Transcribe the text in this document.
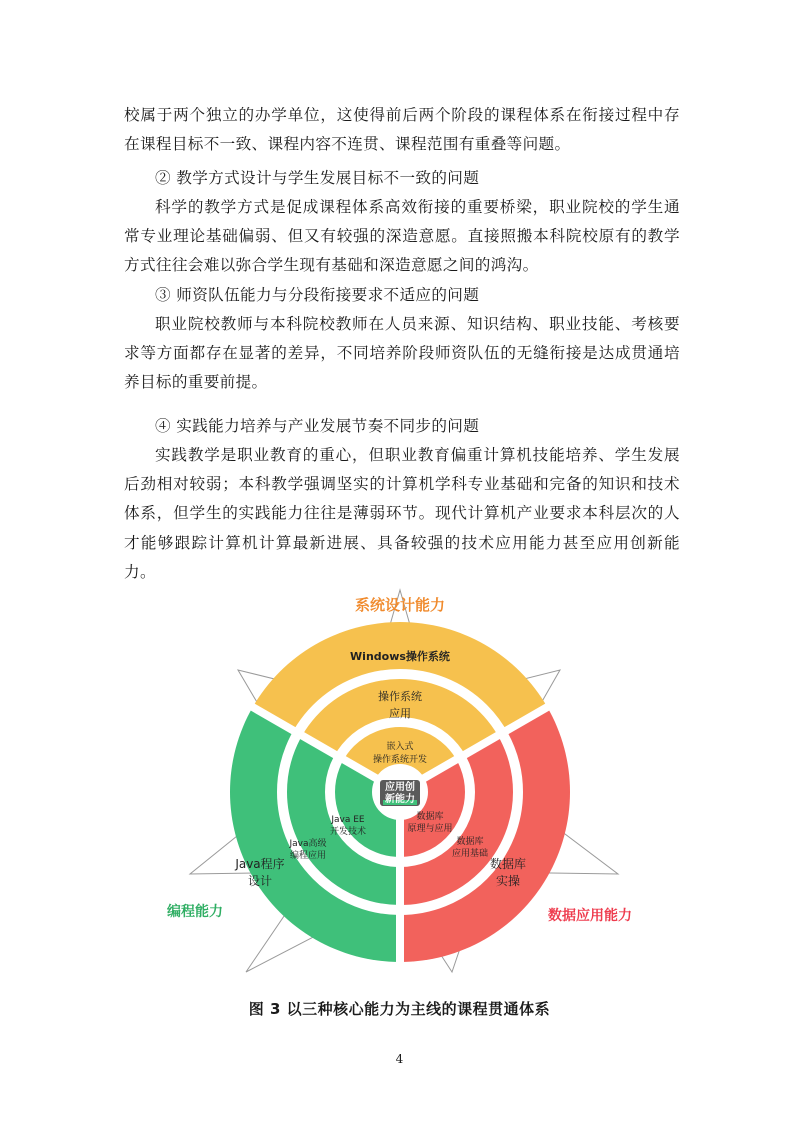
校属于两个独立的办学单位，这使得前后两个阶段的课程体系在衔接过程中存在课程目标不一致、课程内容不连贯、课程范围有重叠等问题。

② 教学方式设计与学生发展目标不一致的问题

科学的教学方式是促成课程体系高效衔接的重要桥梁，职业院校的学生通常专业理论基础偏弱、但又有较强的深造意愿。直接照搬本科院校原有的教学方式往往会难以弥合学生现有基础和深造意愿之间的鸿沟。

③ 师资队伍能力与分段衔接要求不适应的问题

职业院校教师与本科院校教师在人员来源、知识结构、职业技能、考核要求等方面都存在显著的差异，不同培养阶段师资队伍的无缝衔接是达成贯通培养目标的重要前提。

④ 实践能力培养与产业发展节奏不同步的问题

实践教学是职业教育的重心，但职业教育偏重计算机技能培养、学生发展后劲相对较弱；本科教学强调坚实的计算机学科专业基础和完备的知识和技术体系，但学生的实践能力往往是薄弱环节。现代计算机产业要求本科层次的人才能够跟踪计算机计算最新进展、具备较强的技术应用能力甚至应用创新能力。

应用创
新能力
系统设计能力
Windows操作系统
操作系统
应用
嵌入式
操作系统开发
编程能力
Java程序
设计
Java高级
编程应用
Java EE
开发技术
数据应用能力
数据库
实操
数据库
应用基础
数据库
原理与应用
图 3 以三种核心能力为主线的课程贯通体系
4
